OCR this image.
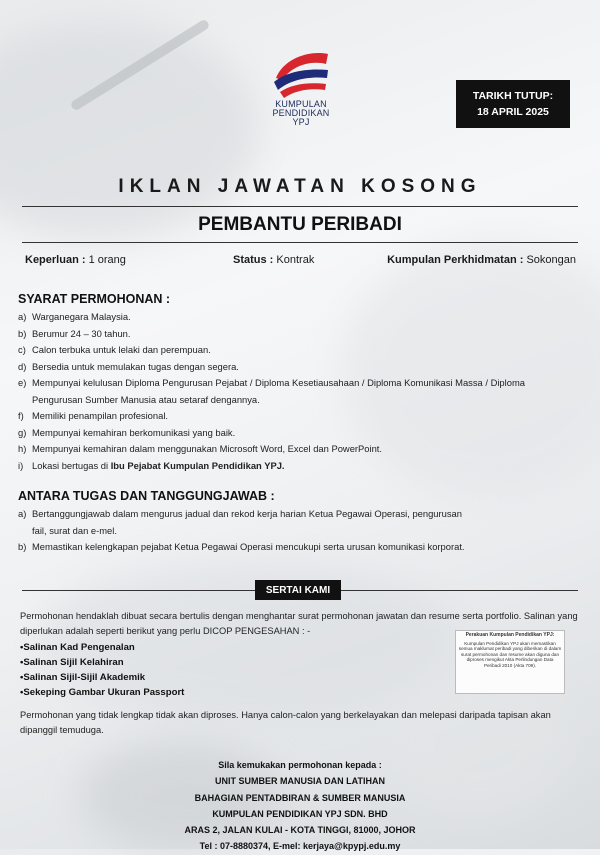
KUMPULAN
PENDIDIKAN
YPJ
TARIKH TUTUP:
18 APRIL 2025
IKLAN JAWATAN KOSONG
PEMBANTU PERIBADI
Keperluan : 1 orang	Status : Kontrak	Kumpulan Perkhidmatan : Sokongan
SYARAT PERMOHONAN :
a) Warganegara Malaysia.
b) Berumur 24 – 30 tahun.
c) Calon terbuka untuk lelaki dan perempuan.
d) Bersedia untuk memulakan tugas dengan segera.
e) Mempunyai kelulusan Diploma Pengurusan Pejabat / Diploma Kesetiausahaan / Diploma Komunikasi Massa / Diploma Pengurusan Sumber Manusia atau setaraf dengannya.
f) Memiliki penampilan profesional.
g) Mempunyai kemahiran berkomunikasi yang baik.
h) Mempunyai kemahiran dalam menggunakan Microsoft Word, Excel dan PowerPoint.
i) Lokasi bertugas di Ibu Pejabat Kumpulan Pendidikan YPJ.
ANTARA TUGAS DAN TANGGUNGJAWAB :
a) Bertanggungjawab dalam mengurus jadual dan rekod kerja harian Ketua Pegawai Operasi, pengurusan fail, surat dan e-mel.
b) Memastikan kelengkapan pejabat Ketua Pegawai Operasi mencukupi serta urusan komunikasi korporat.
SERTAI KAMI
Permohonan hendaklah dibuat secara bertulis dengan menghantar surat permohonan jawatan dan resume serta portfolio. Salinan yang diperlukan adalah seperti berikut yang perlu DICOP PENGESAHAN : -
•Salinan Kad Pengenalan
•Salinan Sijil Kelahiran
•Salinan Sijil-Sijil Akademik
•Sekeping Gambar Ukuran Passport
Perakuan Kumpulan Pendidikan YPJ:
Kumpulan Pendidikan YPJ akan memastikan semua maklumat peribadi yang diberikan di dalam surat permohonan dan resume akan diguna dan diproses mengikut Akta Perlindungan Data Peribadi 2010 (Akta 709).
Permohonan yang tidak lengkap tidak akan diproses. Hanya calon-calon yang berkelayakan dan melepasi daripada tapisan akan dipanggil temuduga.
Sila kemukakan permohonan kepada :
UNIT SUMBER MANUSIA DAN LATIHAN
BAHAGIAN PENTADBIRAN & SUMBER MANUSIA
KUMPULAN PENDIDIKAN YPJ SDN. BHD
ARAS 2, JALAN KULAI - KOTA TINGGI, 81000, JOHOR
Tel : 07-8880374, E-mel: kerjaya@kpypj.edu.my
